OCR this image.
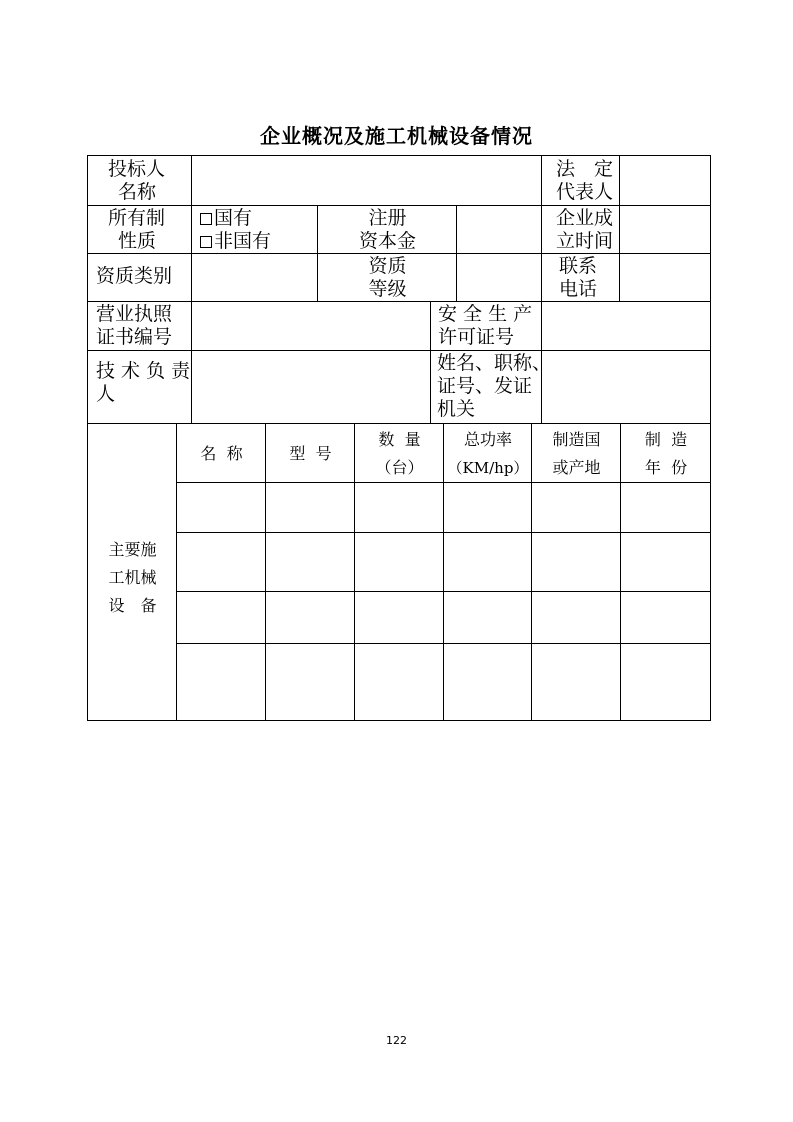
企业概况及施工机械设备情况
投标人
名称
法　定
代表人
所有制
性质
国有
非国有
注册
资本金
企业成
立时间
资质类别	资质
等级
联系
电话
营业执照
证书编号
安 全 生 产
许可证号
技 术 负 责
人
姓名、职称、
证号、发证
机关
主要施
工机械
设　备
名  称	型  号
数  量
（台）
总功率
（KM/hp）
制造国
或产地
制  造
年  份
122
